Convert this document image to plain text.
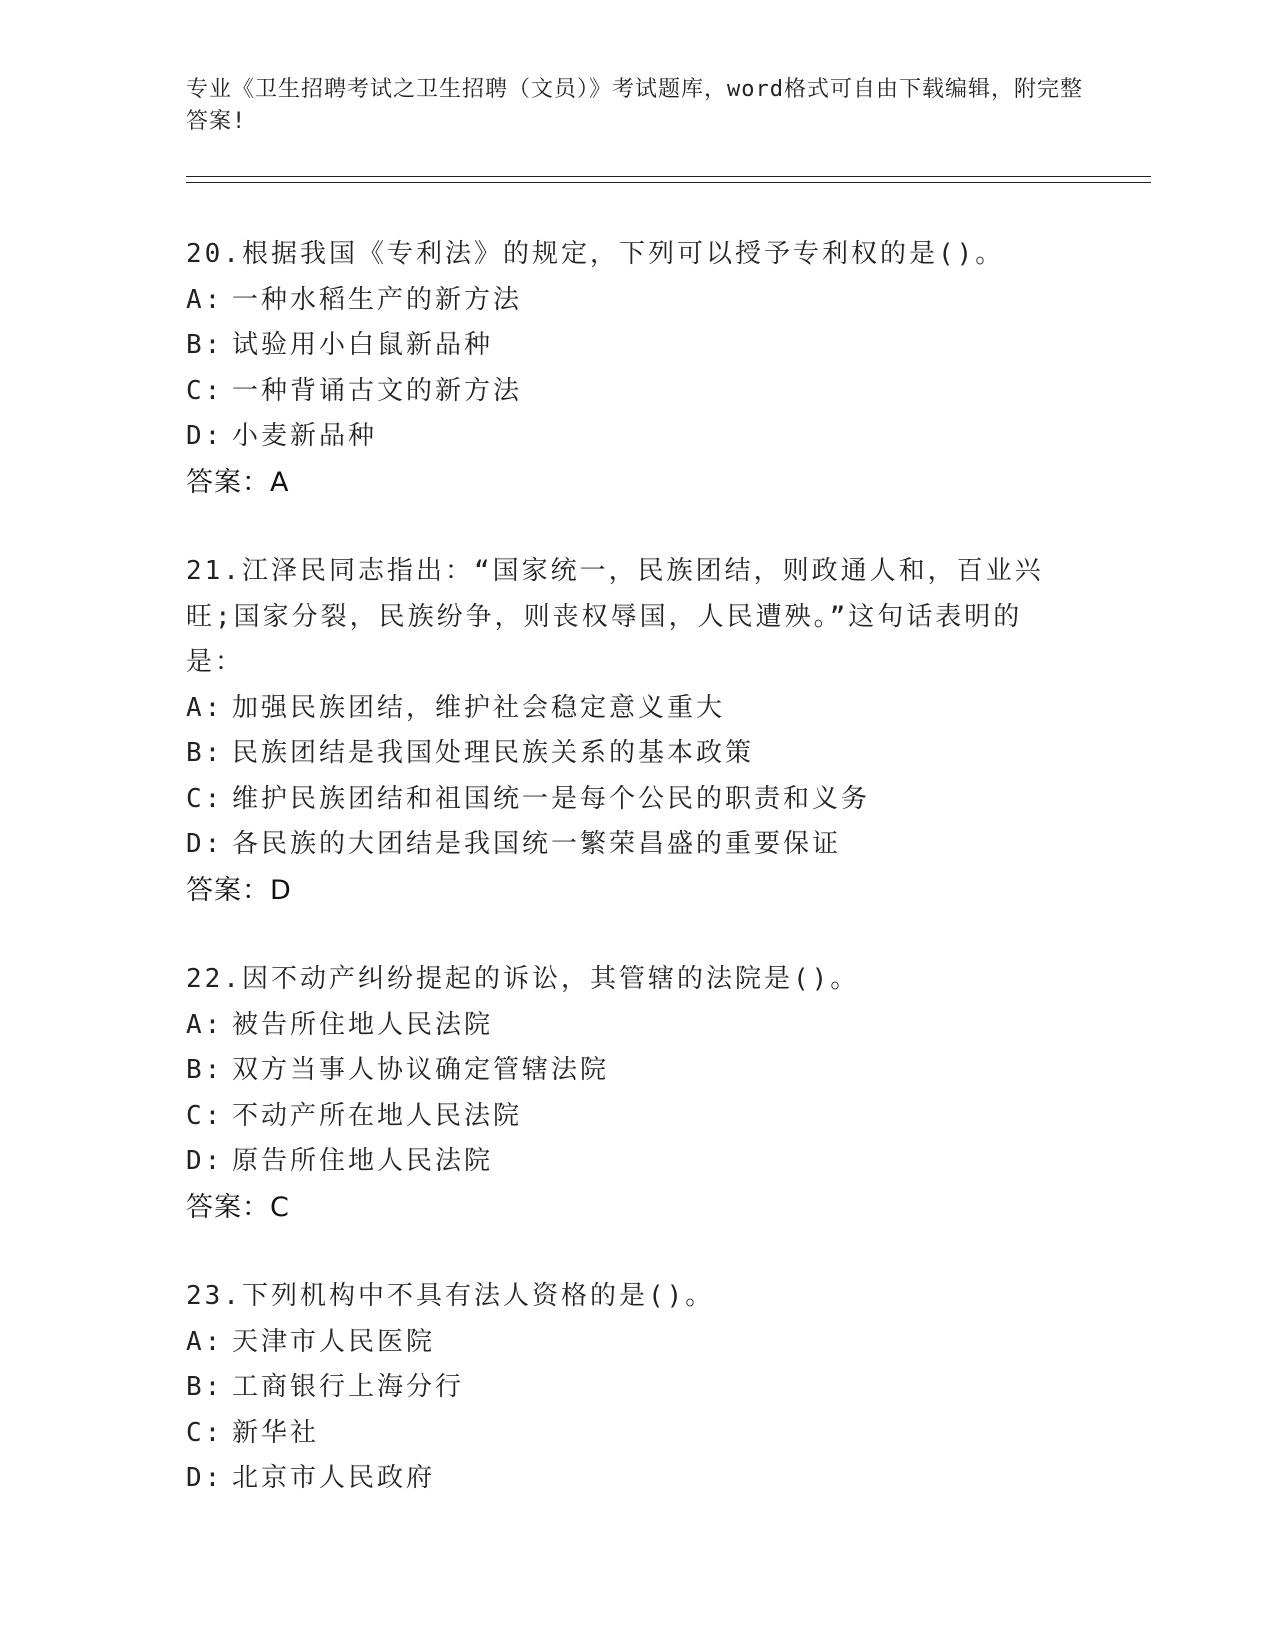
专业《卫生招聘考试之卫生招聘（文员）》考试题库，word格式可自由下载编辑，附完整答案!
20.根据我国《专利法》的规定，下列可以授予专利权的是()。
A: 一种水稻生产的新方法
B: 试验用小白鼠新品种
C: 一种背诵古文的新方法
D: 小麦新品种
答案：A
21.江泽民同志指出：“国家统一，民族团结，则政通人和，百业兴旺;国家分裂，民族纷争，则丧权辱国，人民遭殃。”这句话表明的是：
A: 加强民族团结，维护社会稳定意义重大
B: 民族团结是我国处理民族关系的基本政策
C: 维护民族团结和祖国统一是每个公民的职责和义务
D: 各民族的大团结是我国统一繁荣昌盛的重要保证
答案：D
22.因不动产纠纷提起的诉讼，其管辖的法院是()。
A: 被告所住地人民法院
B: 双方当事人协议确定管辖法院
C: 不动产所在地人民法院
D: 原告所住地人民法院
答案：C
23.下列机构中不具有法人资格的是()。
A: 天津市人民医院
B: 工商银行上海分行
C: 新华社
D: 北京市人民政府
